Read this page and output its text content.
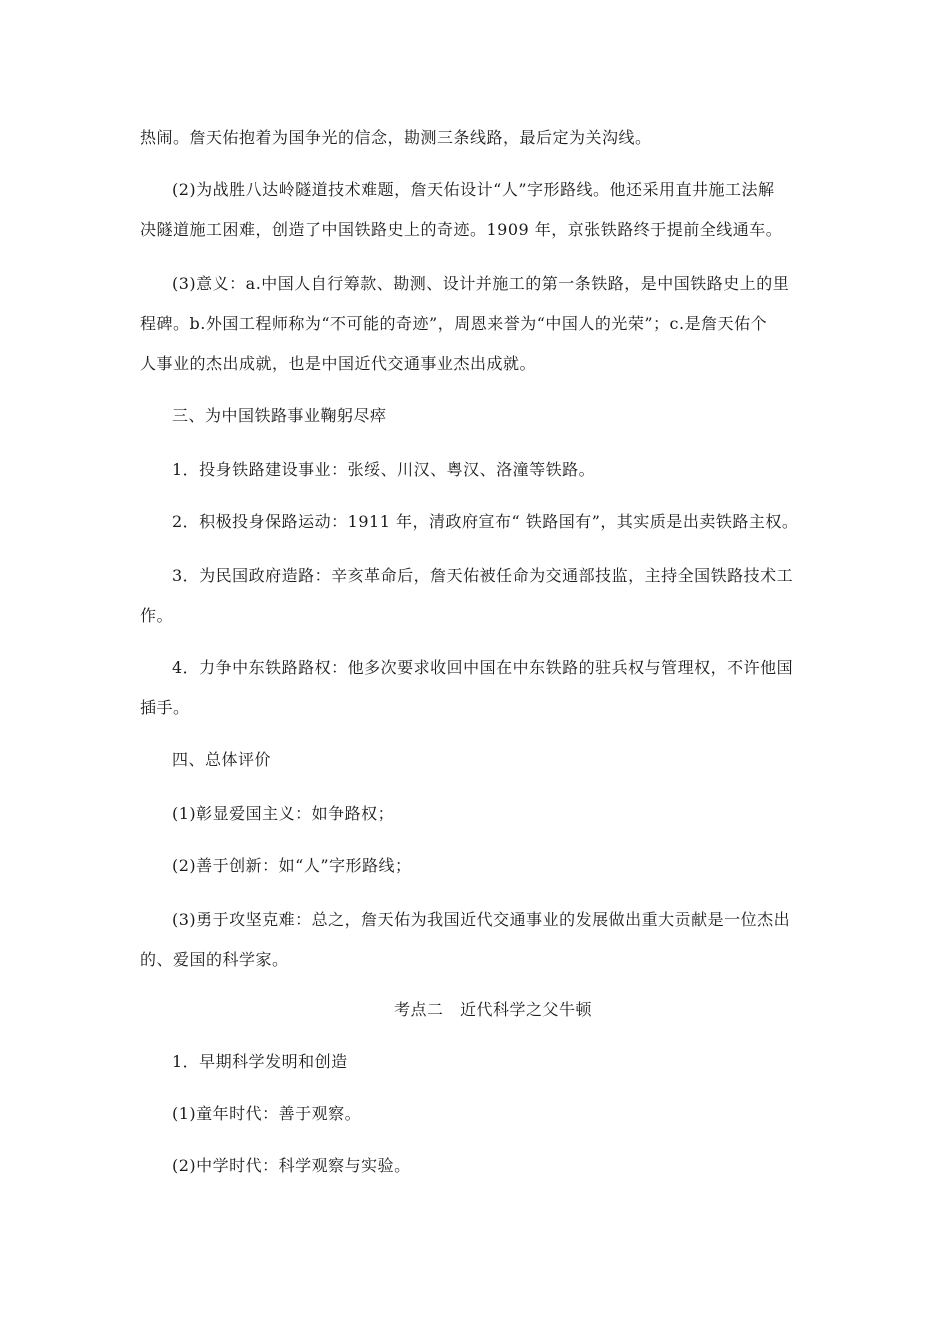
热闹。詹天佑抱着为国争光的信念，勘测三条线路，最后定为关沟线。
(2)为战胜八达岭隧道技术难题，詹天佑设计“人”字形路线。他还采用直井施工法解
决隧道施工困难，创造了中国铁路史上的奇迹。1909 年，京张铁路终于提前全线通车。
(3)意义：a.中国人自行筹款、勘测、设计并施工的第一条铁路，是中国铁路史上的里
程碑。b.外国工程师称为“不可能的奇迹”，周恩来誉为“中国人的光荣”；c.是詹天佑个
人事业的杰出成就，也是中国近代交通事业杰出成就。
三、为中国铁路事业鞠躬尽瘁
1．投身铁路建设事业：张绥、川汉、粤汉、洛潼等铁路。
2．积极投身保路运动：1911 年，清政府宣布“ 铁路国有”，其实质是出卖铁路主权。
3．为民国政府造路：辛亥革命后，詹天佑被任命为交通部技监，主持全国铁路技术工
作。
4．力争中东铁路路权：他多次要求收回中国在中东铁路的驻兵权与管理权，不许他国
插手。
四、总体评价
(1)彰显爱国主义：如争路权；
(2)善于创新：如“人”字形路线；
(3)勇于攻坚克难：总之，詹天佑为我国近代交通事业的发展做出重大贡献是一位杰出
的、爱国的科学家。
考点二　近代科学之父牛顿
1．早期科学发明和创造
(1)童年时代：善于观察。
(2)中学时代：科学观察与实验。
